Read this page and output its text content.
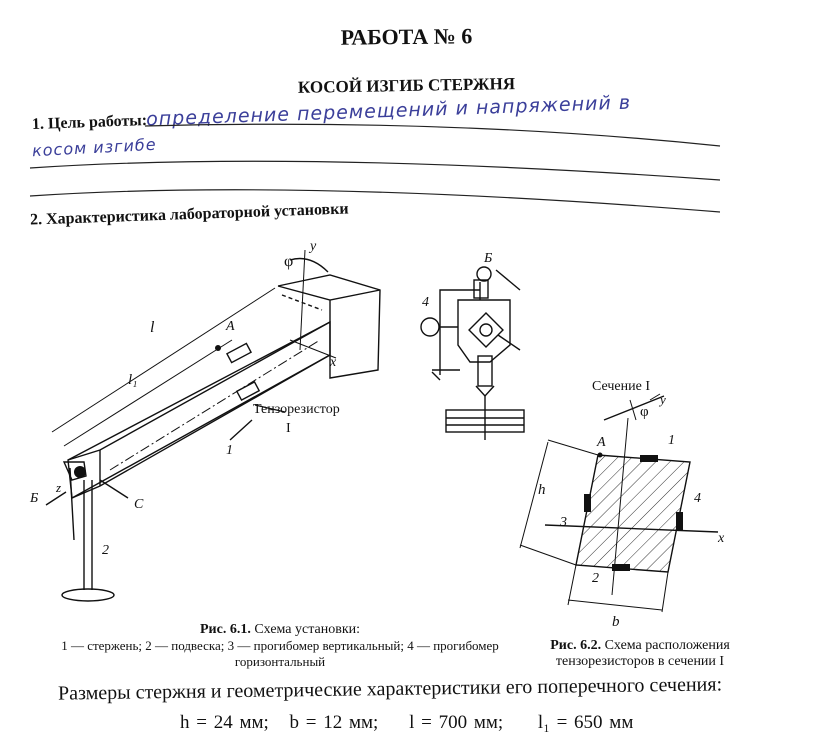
РАБОТА № 6
КОСОЙ ИЗГИБ СТЕРЖНЯ
1. Цель работы:
определение перемещений и напряжений в
косом изгибе
2. Характеристика лабораторной установки
φ
y
l
l₁
A
x
Тензорезистор
I
1
2
Б
z
C
Б
4
Сечение I
φ
y
A	1
2
3
4
h
b
x
Рис. 6.1. Схема установки:
1 — стержень; 2 — подвеска; 3 — прогибомер вертикальный; 4 — прогибомер
горизонтальный
Рис. 6.2. Схема расположения
тензорезисторов в сечении I
Размеры стержня и геометрические характеристики его поперечного сечения:
h = 24 мм; b = 12 мм; l = 700 мм; l₁ = 650 мм
